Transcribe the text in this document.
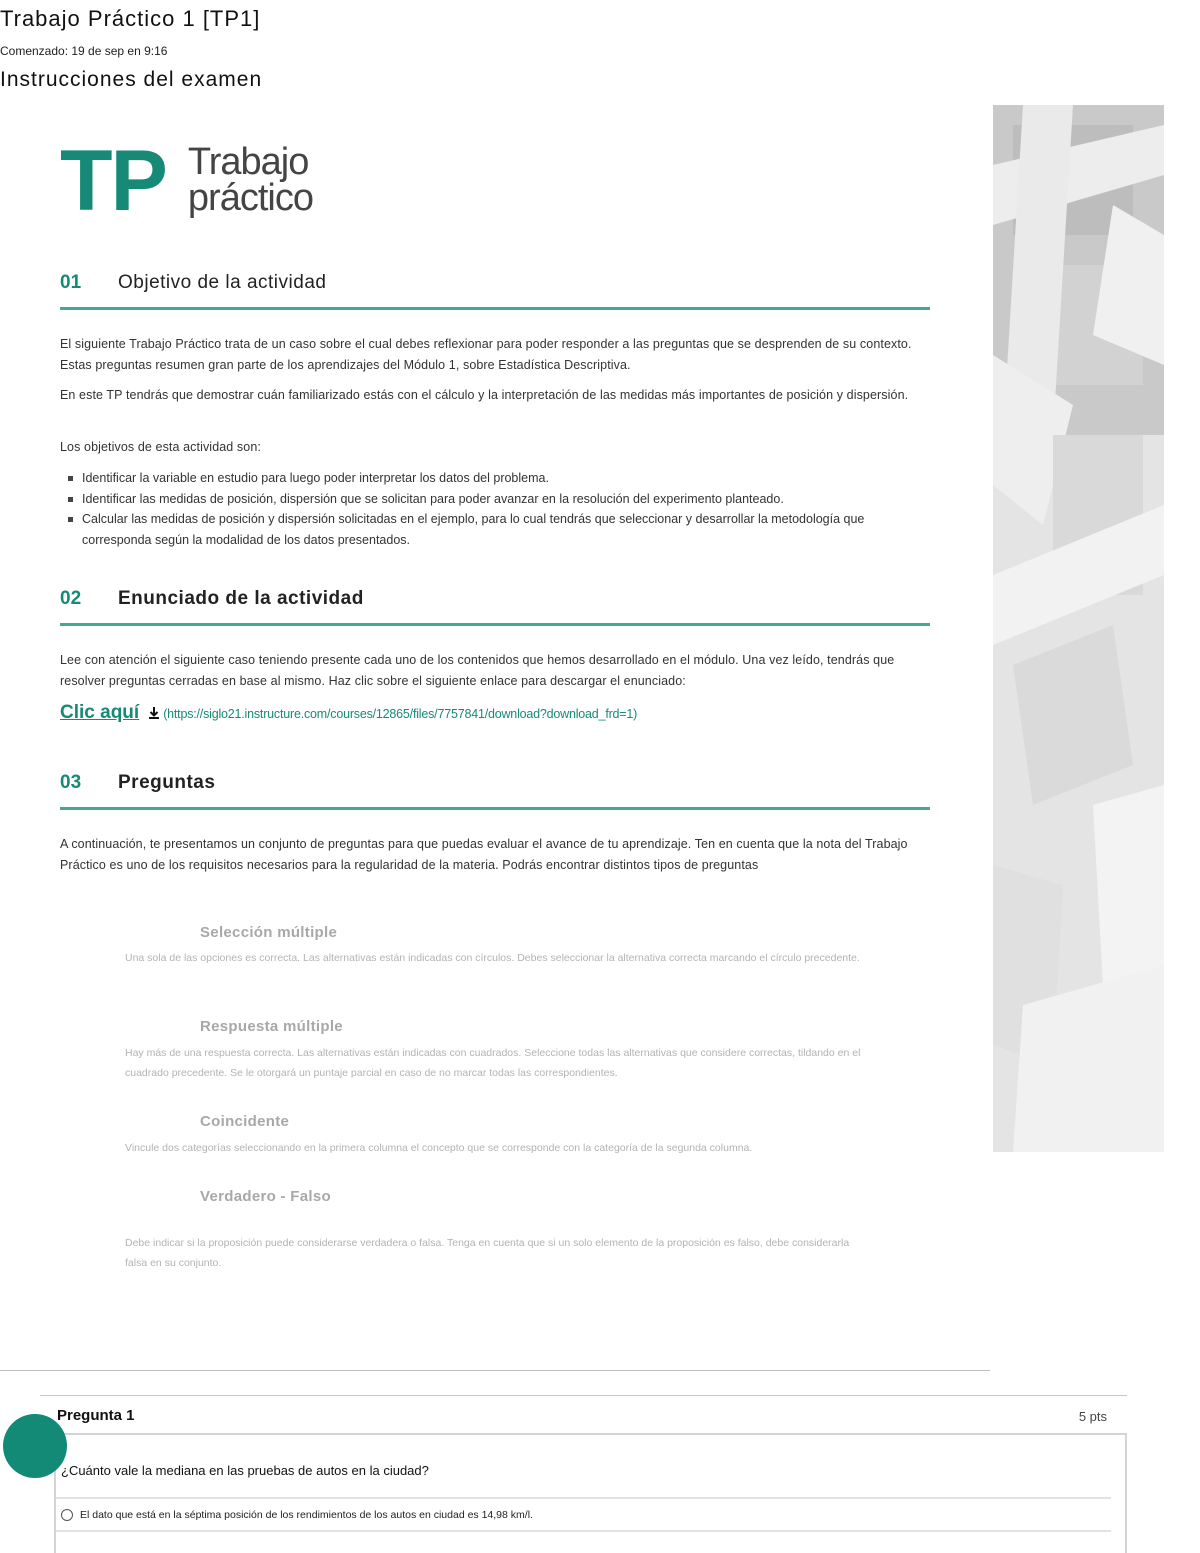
Trabajo Práctico 1 [TP1]
Comenzado: 19 de sep en 9:16
Instrucciones del examen
TP Trabajo
práctico
01 Objetivo de la actividad
El siguiente Trabajo Práctico trata de un caso sobre el cual debes reflexionar para poder responder a las preguntas que se desprenden de su contexto. Estas preguntas resumen gran parte de los aprendizajes del Módulo 1, sobre Estadística Descriptiva.
En este TP tendrás que demostrar cuán familiarizado estás con el cálculo y la interpretación de las medidas más importantes de posición y dispersión.
Los objetivos de esta actividad son:
Identificar la variable en estudio para luego poder interpretar los datos del problema.
Identificar las medidas de posición, dispersión que se solicitan para poder avanzar en la resolución del experimento planteado.
Calcular las medidas de posición y dispersión solicitadas en el ejemplo, para lo cual tendrás que seleccionar y desarrollar la metodología que corresponda según la modalidad de los datos presentados.
02 Enunciado de la actividad
Lee con atención el siguiente caso teniendo presente cada uno de los contenidos que hemos desarrollado en el módulo. Una vez leído, tendrás que resolver preguntas cerradas en base al mismo. Haz clic sobre el siguiente enlace para descargar el enunciado:
Clic aquí (https://siglo21.instructure.com/courses/12865/files/7757841/download?download_frd=1)
03 Preguntas
A continuación, te presentamos un conjunto de preguntas para que puedas evaluar el avance de tu aprendizaje. Ten en cuenta que la nota del Trabajo Práctico es uno de los requisitos necesarios para la regularidad de la materia. Podrás encontrar distintos tipos de preguntas
Selección múltiple
Una sola de las opciones es correcta. Las alternativas están indicadas con círculos. Debes seleccionar la alternativa correcta marcando el círculo precedente.
Respuesta múltiple
Hay más de una respuesta correcta. Las alternativas están indicadas con cuadrados. Seleccione todas las alternativas que considere correctas, tildando en el cuadrado precedente. Se le otorgará un puntaje parcial en caso de no marcar todas las correspondientes.
Coincidente
Vincule dos categorías seleccionando en la primera columna el concepto que se corresponde con la categoría de la segunda columna.
Verdadero - Falso
Debe indicar si la proposición puede considerarse verdadera o falsa. Tenga en cuenta que si un solo elemento de la proposición es falso, debe considerarla falsa en su conjunto.
Pregunta 1	5 pts
¿Cuánto vale la mediana en las pruebas de autos en la ciudad?
El dato que está en la séptima posición de los rendimientos de los autos en ciudad es 14,98 km/l.
